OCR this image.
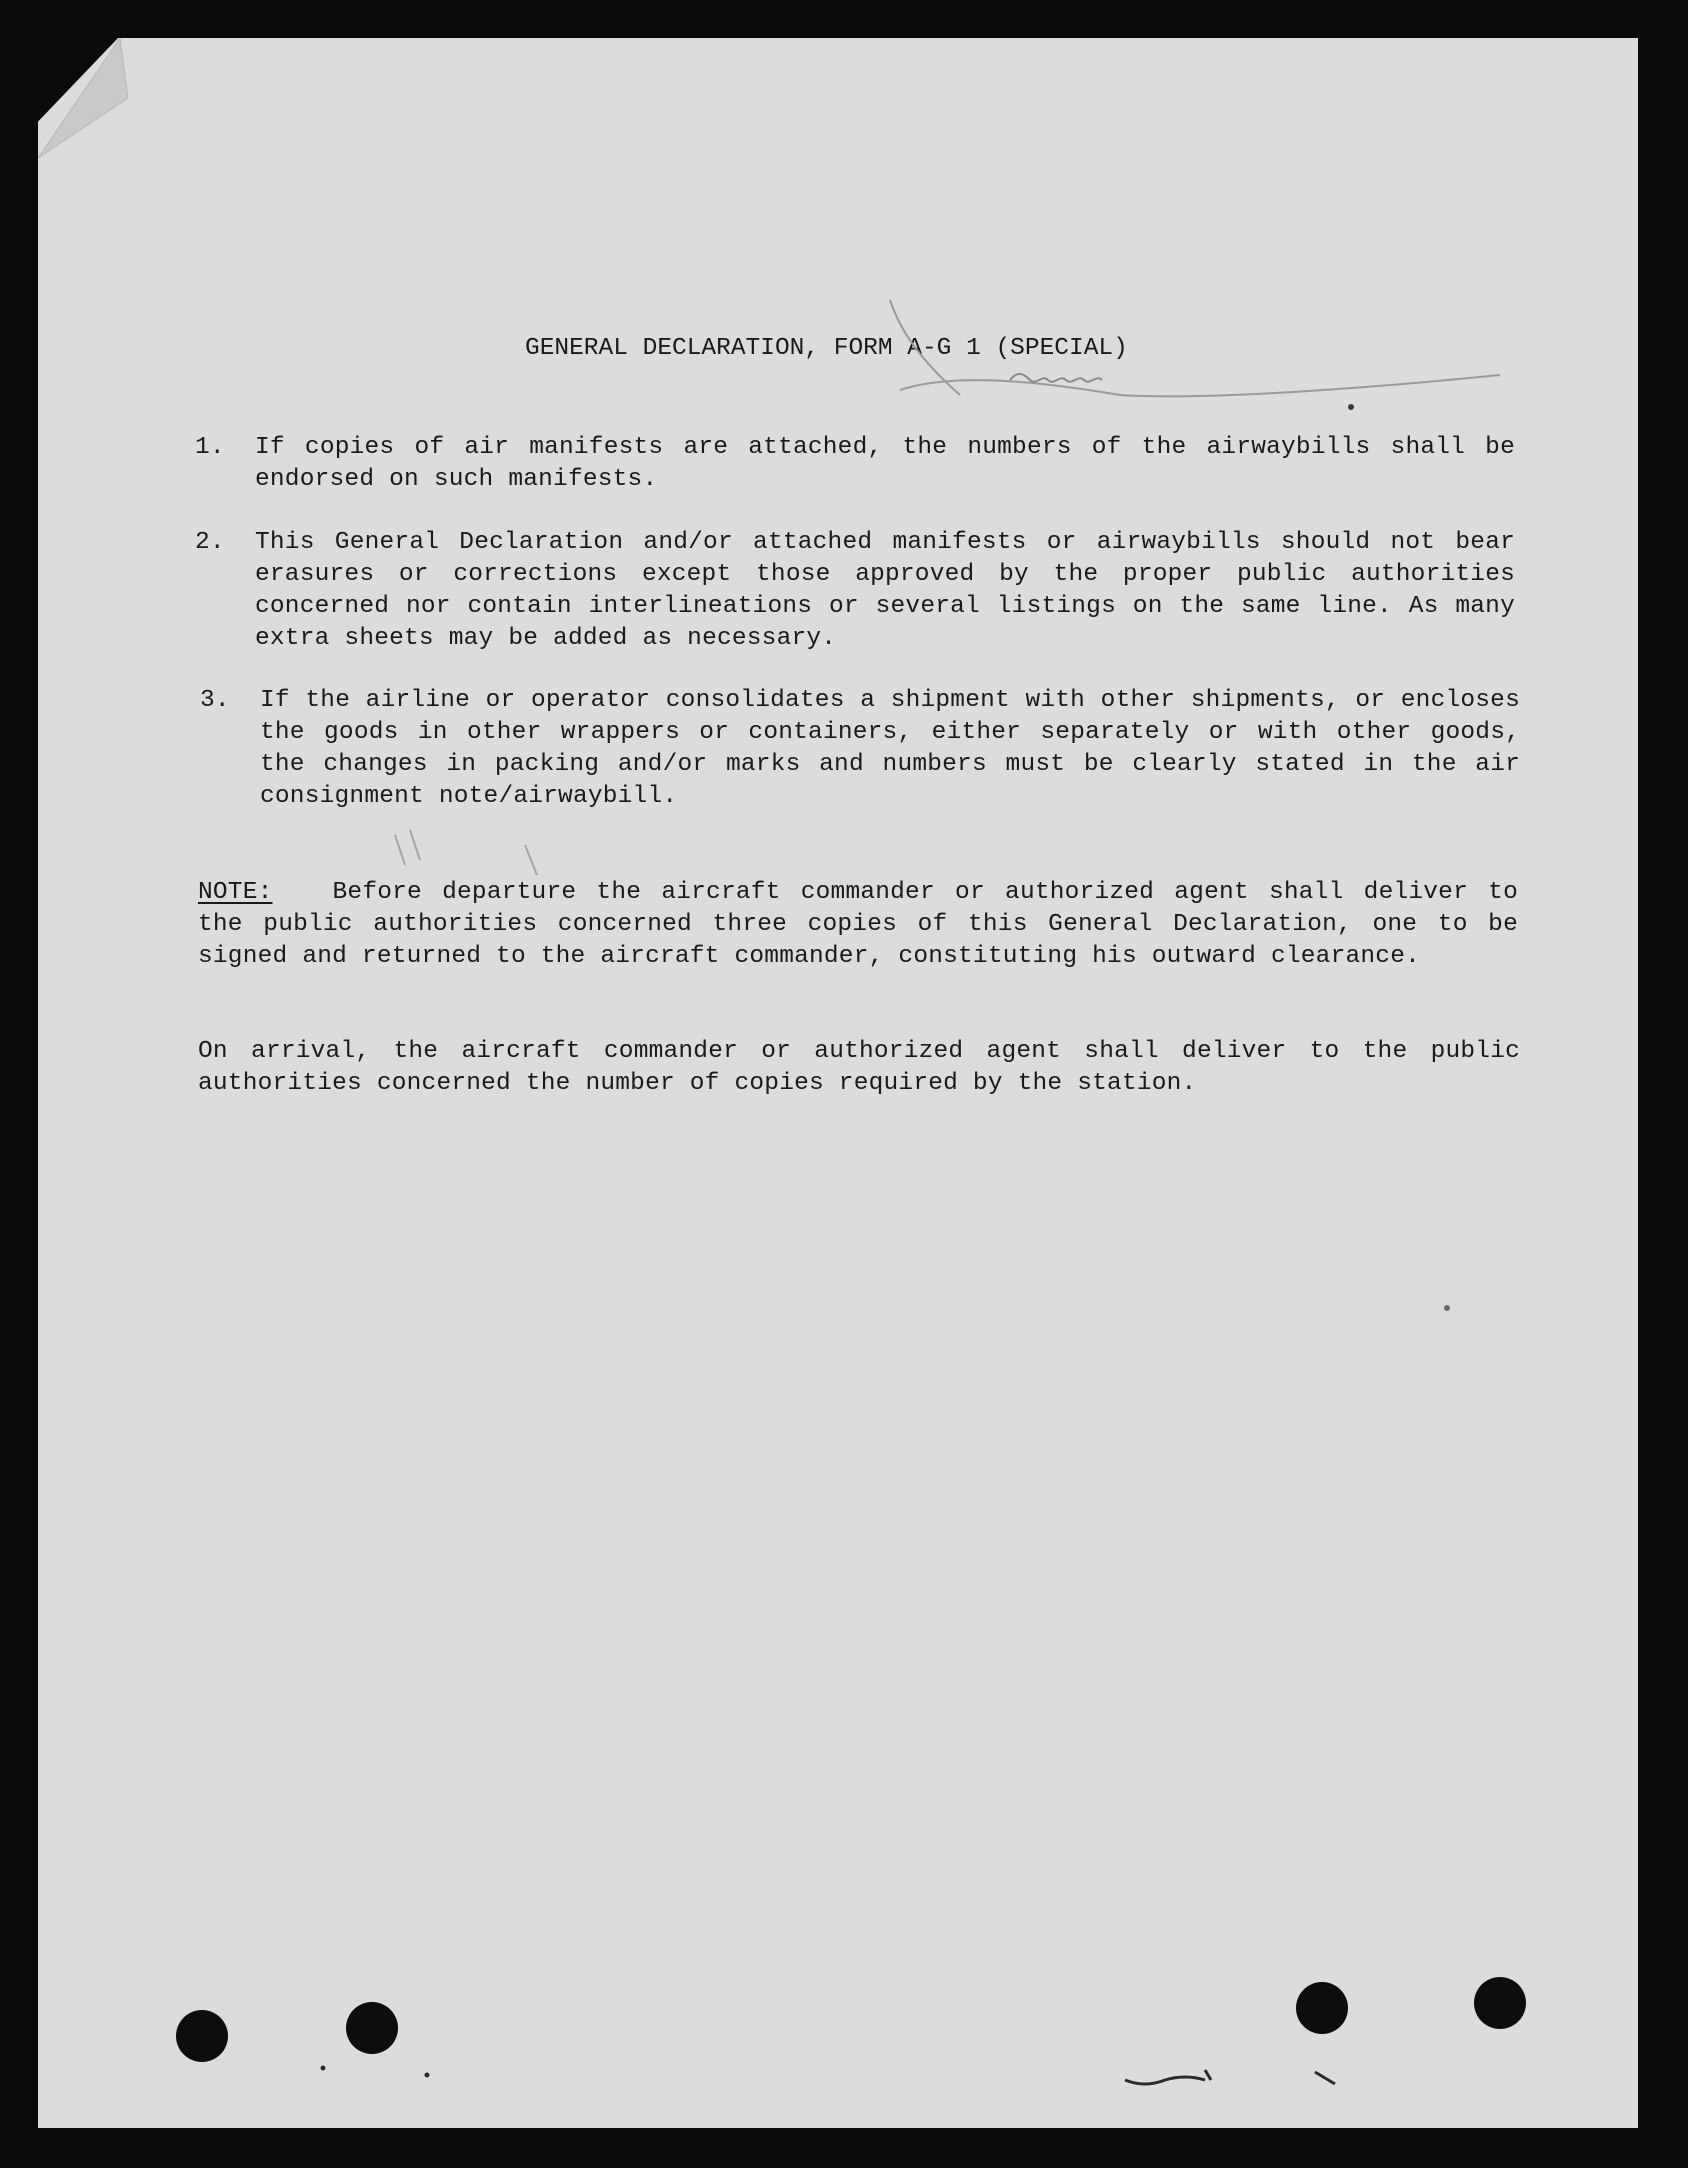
GENERAL DECLARATION, FORM A-G 1 (SPECIAL)
1.	If copies of air manifests are attached, the numbers of the airwaybills shall be endorsed on such manifests.
2.	This General Declaration and/or attached manifests or airwaybills should not bear erasures or corrections except those approved by the proper public authorities concerned nor contain interlineations or several listings on the same line. As many extra sheets may be added as necessary.
3.	If the airline or operator consolidates a shipment with other shipments, or encloses the goods in other wrappers or containers, either separately or with other goods, the changes in packing and/or marks and numbers must be clearly stated in the air consignment note/airwaybill.
NOTE: Before departure the aircraft commander or authorized agent shall deliver to the public authorities concerned three copies of this General Declaration, one to be signed and returned to the aircraft commander, constituting his outward clearance.
On arrival, the aircraft commander or authorized agent shall deliver to the public authorities concerned the number of copies required by the station.
